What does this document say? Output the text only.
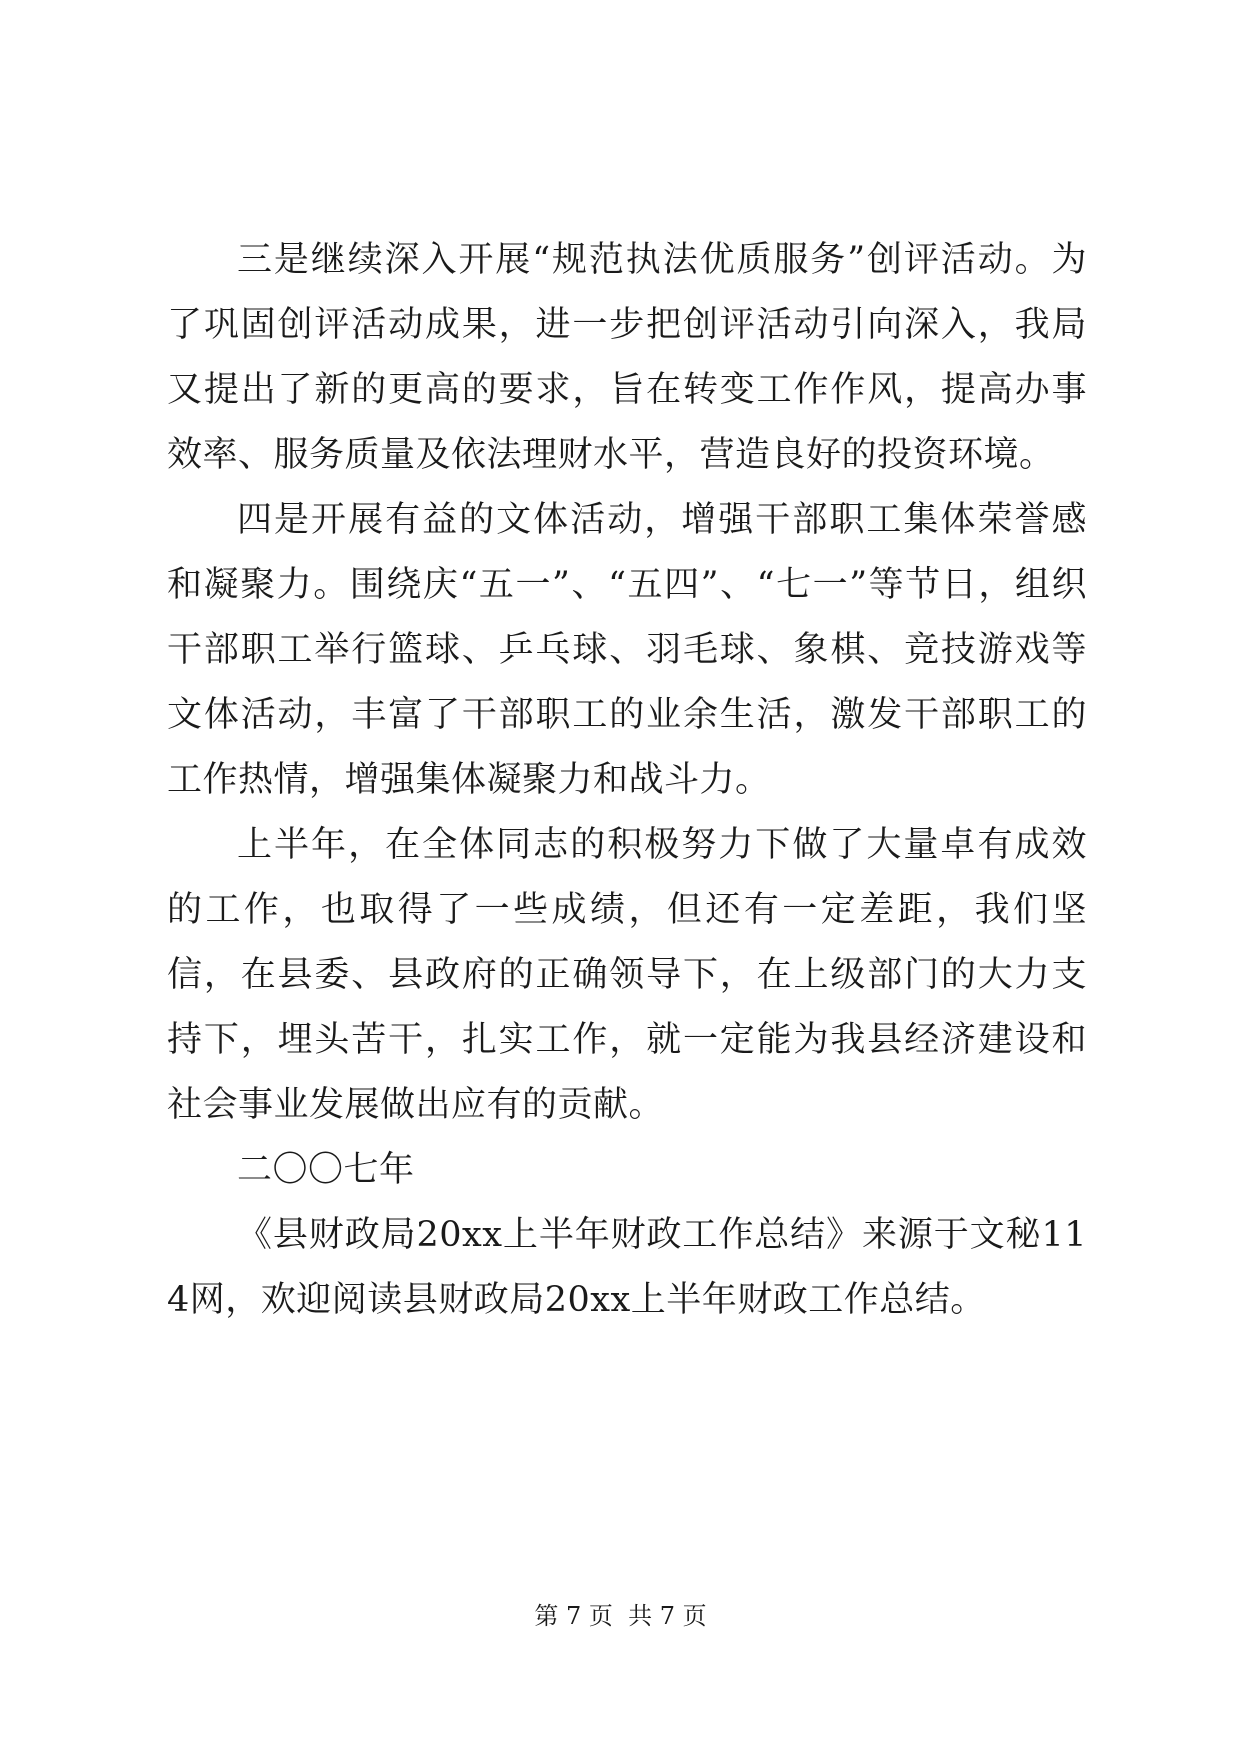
三是继续深入开展“规范执法优质服务”创评活动。为了巩固创评活动成果，进一步把创评活动引向深入，我局又提出了新的更高的要求，旨在转变工作作风，提高办事效率、服务质量及依法理财水平，营造良好的投资环境。

四是开展有益的文体活动，增强干部职工集体荣誉感和凝聚力。围绕庆“五一”、“五四”、“七一”等节日，组织干部职工举行篮球、乒乓球、羽毛球、象棋、竞技游戏等文体活动，丰富了干部职工的业余生活，激发干部职工的工作热情，增强集体凝聚力和战斗力。

上半年，在全体同志的积极努力下做了大量卓有成效的工作，也取得了一些成绩，但还有一定差距，我们坚信，在县委、县政府的正确领导下，在上级部门的大力支持下，埋头苦干，扎实工作，就一定能为我县经济建设和社会事业发展做出应有的贡献。

二〇〇七年

《县财政局20xx上半年财政工作总结》来源于文秘114网，欢迎阅读县财政局20xx上半年财政工作总结。

第 7 页  共 7 页
